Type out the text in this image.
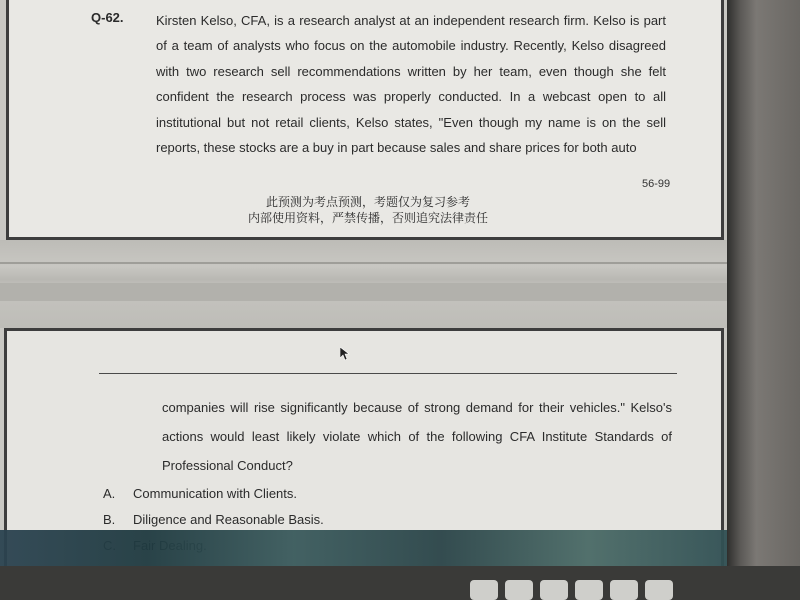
Q-62. Kirsten Kelso, CFA, is a research analyst at an independent research firm. Kelso is part of a team of analysts who focus on the automobile industry. Recently, Kelso disagreed with two research sell recommendations written by her team, even though she felt confident the research process was properly conducted. In a webcast open to all institutional but not retail clients, Kelso states, "Even though my name is on the sell reports, these stocks are a buy in part because sales and share prices for both auto
56-99
此预测为考点预测，考题仅为复习参考
内部使用资料，严禁传播，否则追究法律责任
companies will rise significantly because of strong demand for their vehicles." Kelso's actions would least likely violate which of the following CFA Institute Standards of Professional Conduct?
A. Communication with Clients.
B. Diligence and Reasonable Basis.
